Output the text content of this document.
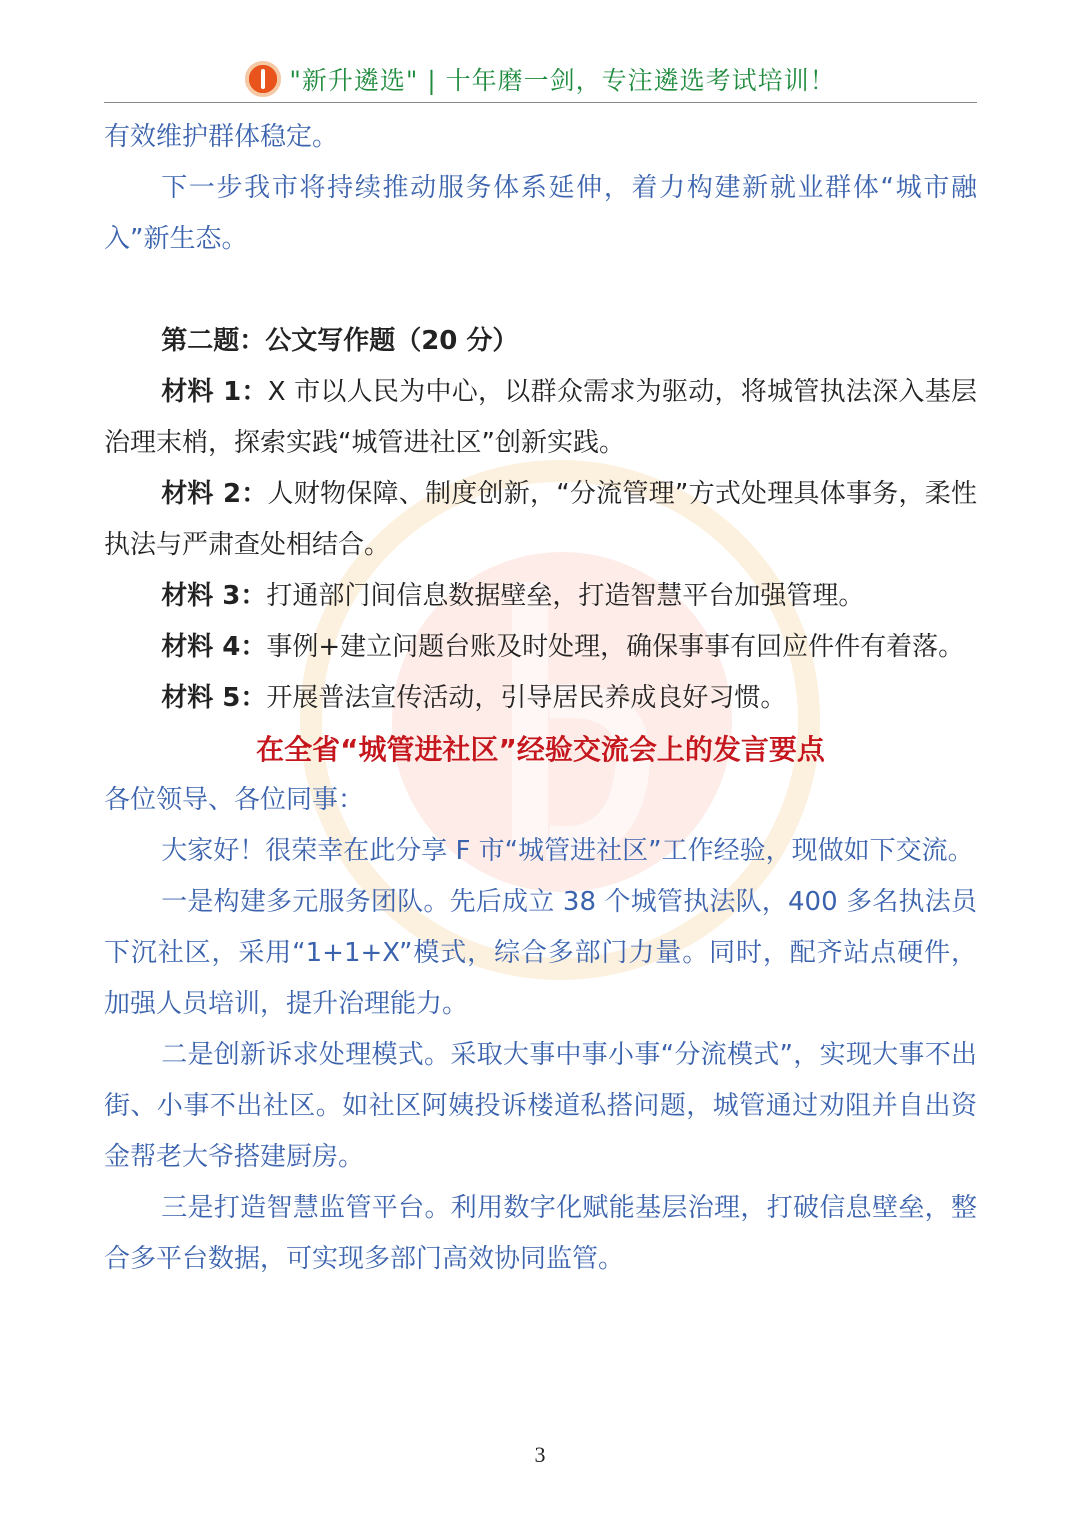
"新升遴选" | 十年磨一剑，专注遴选考试培训！

有效维护群体稳定。

下一步我市将持续推动服务体系延伸，着力构建新就业群体“城市融入”新生态。

第二题：公文写作题（20 分）

材料 1：X 市以人民为中心，以群众需求为驱动，将城管执法深入基层治理末梢，探索实践“城管进社区”创新实践。

材料 2：人财物保障、制度创新，“分流管理”方式处理具体事务，柔性执法与严肃查处相结合。

材料 3：打通部门间信息数据壁垒，打造智慧平台加强管理。

材料 4：事例+建立问题台账及时处理，确保事事有回应件件有着落。

材料 5：开展普法宣传活动，引导居民养成良好习惯。

在全省“城管进社区”经验交流会上的发言要点

各位领导、各位同事：

大家好！很荣幸在此分享 F 市“城管进社区”工作经验，现做如下交流。

一是构建多元服务团队。先后成立 38 个城管执法队，400 多名执法员下沉社区，采用“1+1+X”模式，综合多部门力量。同时，配齐站点硬件，加强人员培训，提升治理能力。

二是创新诉求处理模式。采取大事中事小事“分流模式”，实现大事不出街、小事不出社区。如社区阿姨投诉楼道私搭问题，城管通过劝阻并自出资金帮老大爷搭建厨房。

三是打造智慧监管平台。利用数字化赋能基层治理，打破信息壁垒，整合多平台数据，可实现多部门高效协同监管。

3
